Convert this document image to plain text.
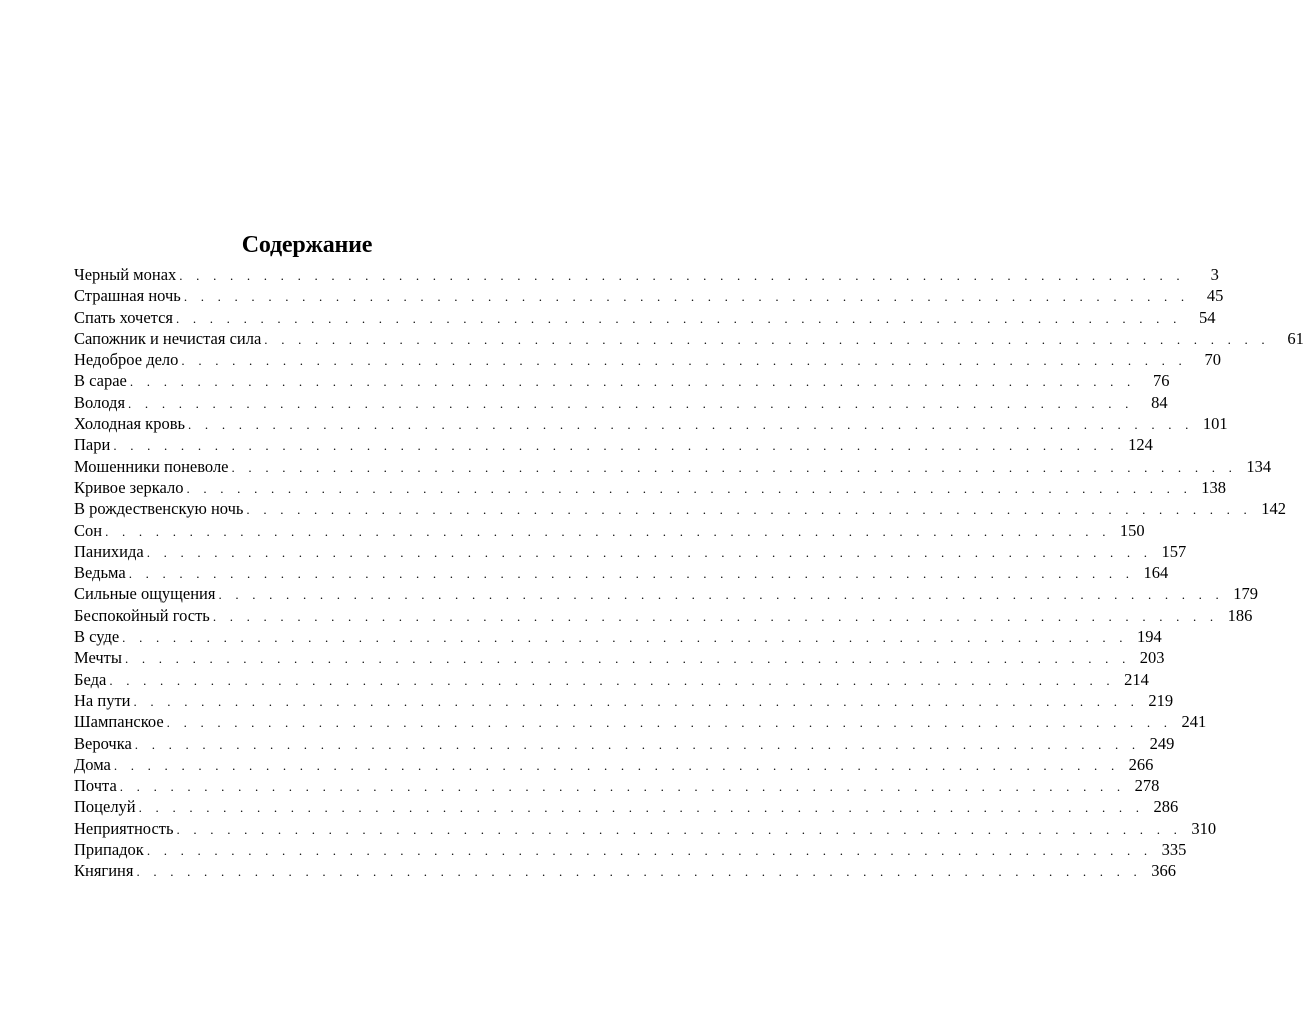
Содержание
Черный монах . . . . . . . . . . . . . . . . . . . . . . . . . . . . . . . . . . . . . . . . . . . . . . . . . . . . . . . . . . . .	3
Страшная ночь . . . . . . . . . . . . . . . . . . . . . . . . . . . . . . . . . . . . . . . . . . . . . . . . . . . . . . . . . . . .	45
Спать хочется . . . . . . . . . . . . . . . . . . . . . . . . . . . . . . . . . . . . . . . . . . . . . . . . . . . . . . . . . . . .	54
Сапожник и нечистая сила . . . . . . . . . . . . . . . . . . . . . . . . . . . . . . . . . . . . . . . . . . . . . . . . . . . . . . . . . . . .	61
Недоброе дело . . . . . . . . . . . . . . . . . . . . . . . . . . . . . . . . . . . . . . . . . . . . . . . . . . . . . . . . . . . .	70
В сарае . . . . . . . . . . . . . . . . . . . . . . . . . . . . . . . . . . . . . . . . . . . . . . . . . . . . . . . . . . . .	76
Володя . . . . . . . . . . . . . . . . . . . . . . . . . . . . . . . . . . . . . . . . . . . . . . . . . . . . . . . . . . . .	84
Холодная кровь . . . . . . . . . . . . . . . . . . . . . . . . . . . . . . . . . . . . . . . . . . . . . . . . . . . . . . . . . . . . 101
Пари . . . . . . . . . . . . . . . . . . . . . . . . . . . . . . . . . . . . . . . . . . . . . . . . . . . . . . . . . . . . 124
Мошенники поневоле . . . . . . . . . . . . . . . . . . . . . . . . . . . . . . . . . . . . . . . . . . . . . . . . . . . . . . . . . . . . 134
Кривое зеркало . . . . . . . . . . . . . . . . . . . . . . . . . . . . . . . . . . . . . . . . . . . . . . . . . . . . . . . . . . . . 138
В рождественскую ночь . . . . . . . . . . . . . . . . . . . . . . . . . . . . . . . . . . . . . . . . . . . . . . . . . . . . . . . . . . . . 142
Сон . . . . . . . . . . . . . . . . . . . . . . . . . . . . . . . . . . . . . . . . . . . . . . . . . . . . . . . . . . . . 150
Панихида . . . . . . . . . . . . . . . . . . . . . . . . . . . . . . . . . . . . . . . . . . . . . . . . . . . . . . . . . . . . 157
Ведьма . . . . . . . . . . . . . . . . . . . . . . . . . . . . . . . . . . . . . . . . . . . . . . . . . . . . . . . . . . . . 164
Сильные ощущения . . . . . . . . . . . . . . . . . . . . . . . . . . . . . . . . . . . . . . . . . . . . . . . . . . . . . . . . . . . . 179
Беспокойный гость . . . . . . . . . . . . . . . . . . . . . . . . . . . . . . . . . . . . . . . . . . . . . . . . . . . . . . . . . . . . 186
В суде . . . . . . . . . . . . . . . . . . . . . . . . . . . . . . . . . . . . . . . . . . . . . . . . . . . . . . . . . . . . 194
Мечты . . . . . . . . . . . . . . . . . . . . . . . . . . . . . . . . . . . . . . . . . . . . . . . . . . . . . . . . . . . . 203
Беда . . . . . . . . . . . . . . . . . . . . . . . . . . . . . . . . . . . . . . . . . . . . . . . . . . . . . . . . . . . . 214
На пути . . . . . . . . . . . . . . . . . . . . . . . . . . . . . . . . . . . . . . . . . . . . . . . . . . . . . . . . . . . . 219
Шампанское . . . . . . . . . . . . . . . . . . . . . . . . . . . . . . . . . . . . . . . . . . . . . . . . . . . . . . . . . . . . 241
Верочка . . . . . . . . . . . . . . . . . . . . . . . . . . . . . . . . . . . . . . . . . . . . . . . . . . . . . . . . . . . . 249
Дома . . . . . . . . . . . . . . . . . . . . . . . . . . . . . . . . . . . . . . . . . . . . . . . . . . . . . . . . . . . . 266
Почта . . . . . . . . . . . . . . . . . . . . . . . . . . . . . . . . . . . . . . . . . . . . . . . . . . . . . . . . . . . . 278
Поцелуй . . . . . . . . . . . . . . . . . . . . . . . . . . . . . . . . . . . . . . . . . . . . . . . . . . . . . . . . . . . . 286
Неприятность . . . . . . . . . . . . . . . . . . . . . . . . . . . . . . . . . . . . . . . . . . . . . . . . . . . . . . . . . . . . 310
Припадок . . . . . . . . . . . . . . . . . . . . . . . . . . . . . . . . . . . . . . . . . . . . . . . . . . . . . . . . . . . . 335
Княгиня . . . . . . . . . . . . . . . . . . . . . . . . . . . . . . . . . . . . . . . . . . . . . . . . . . . . . . . . . . . . 366
